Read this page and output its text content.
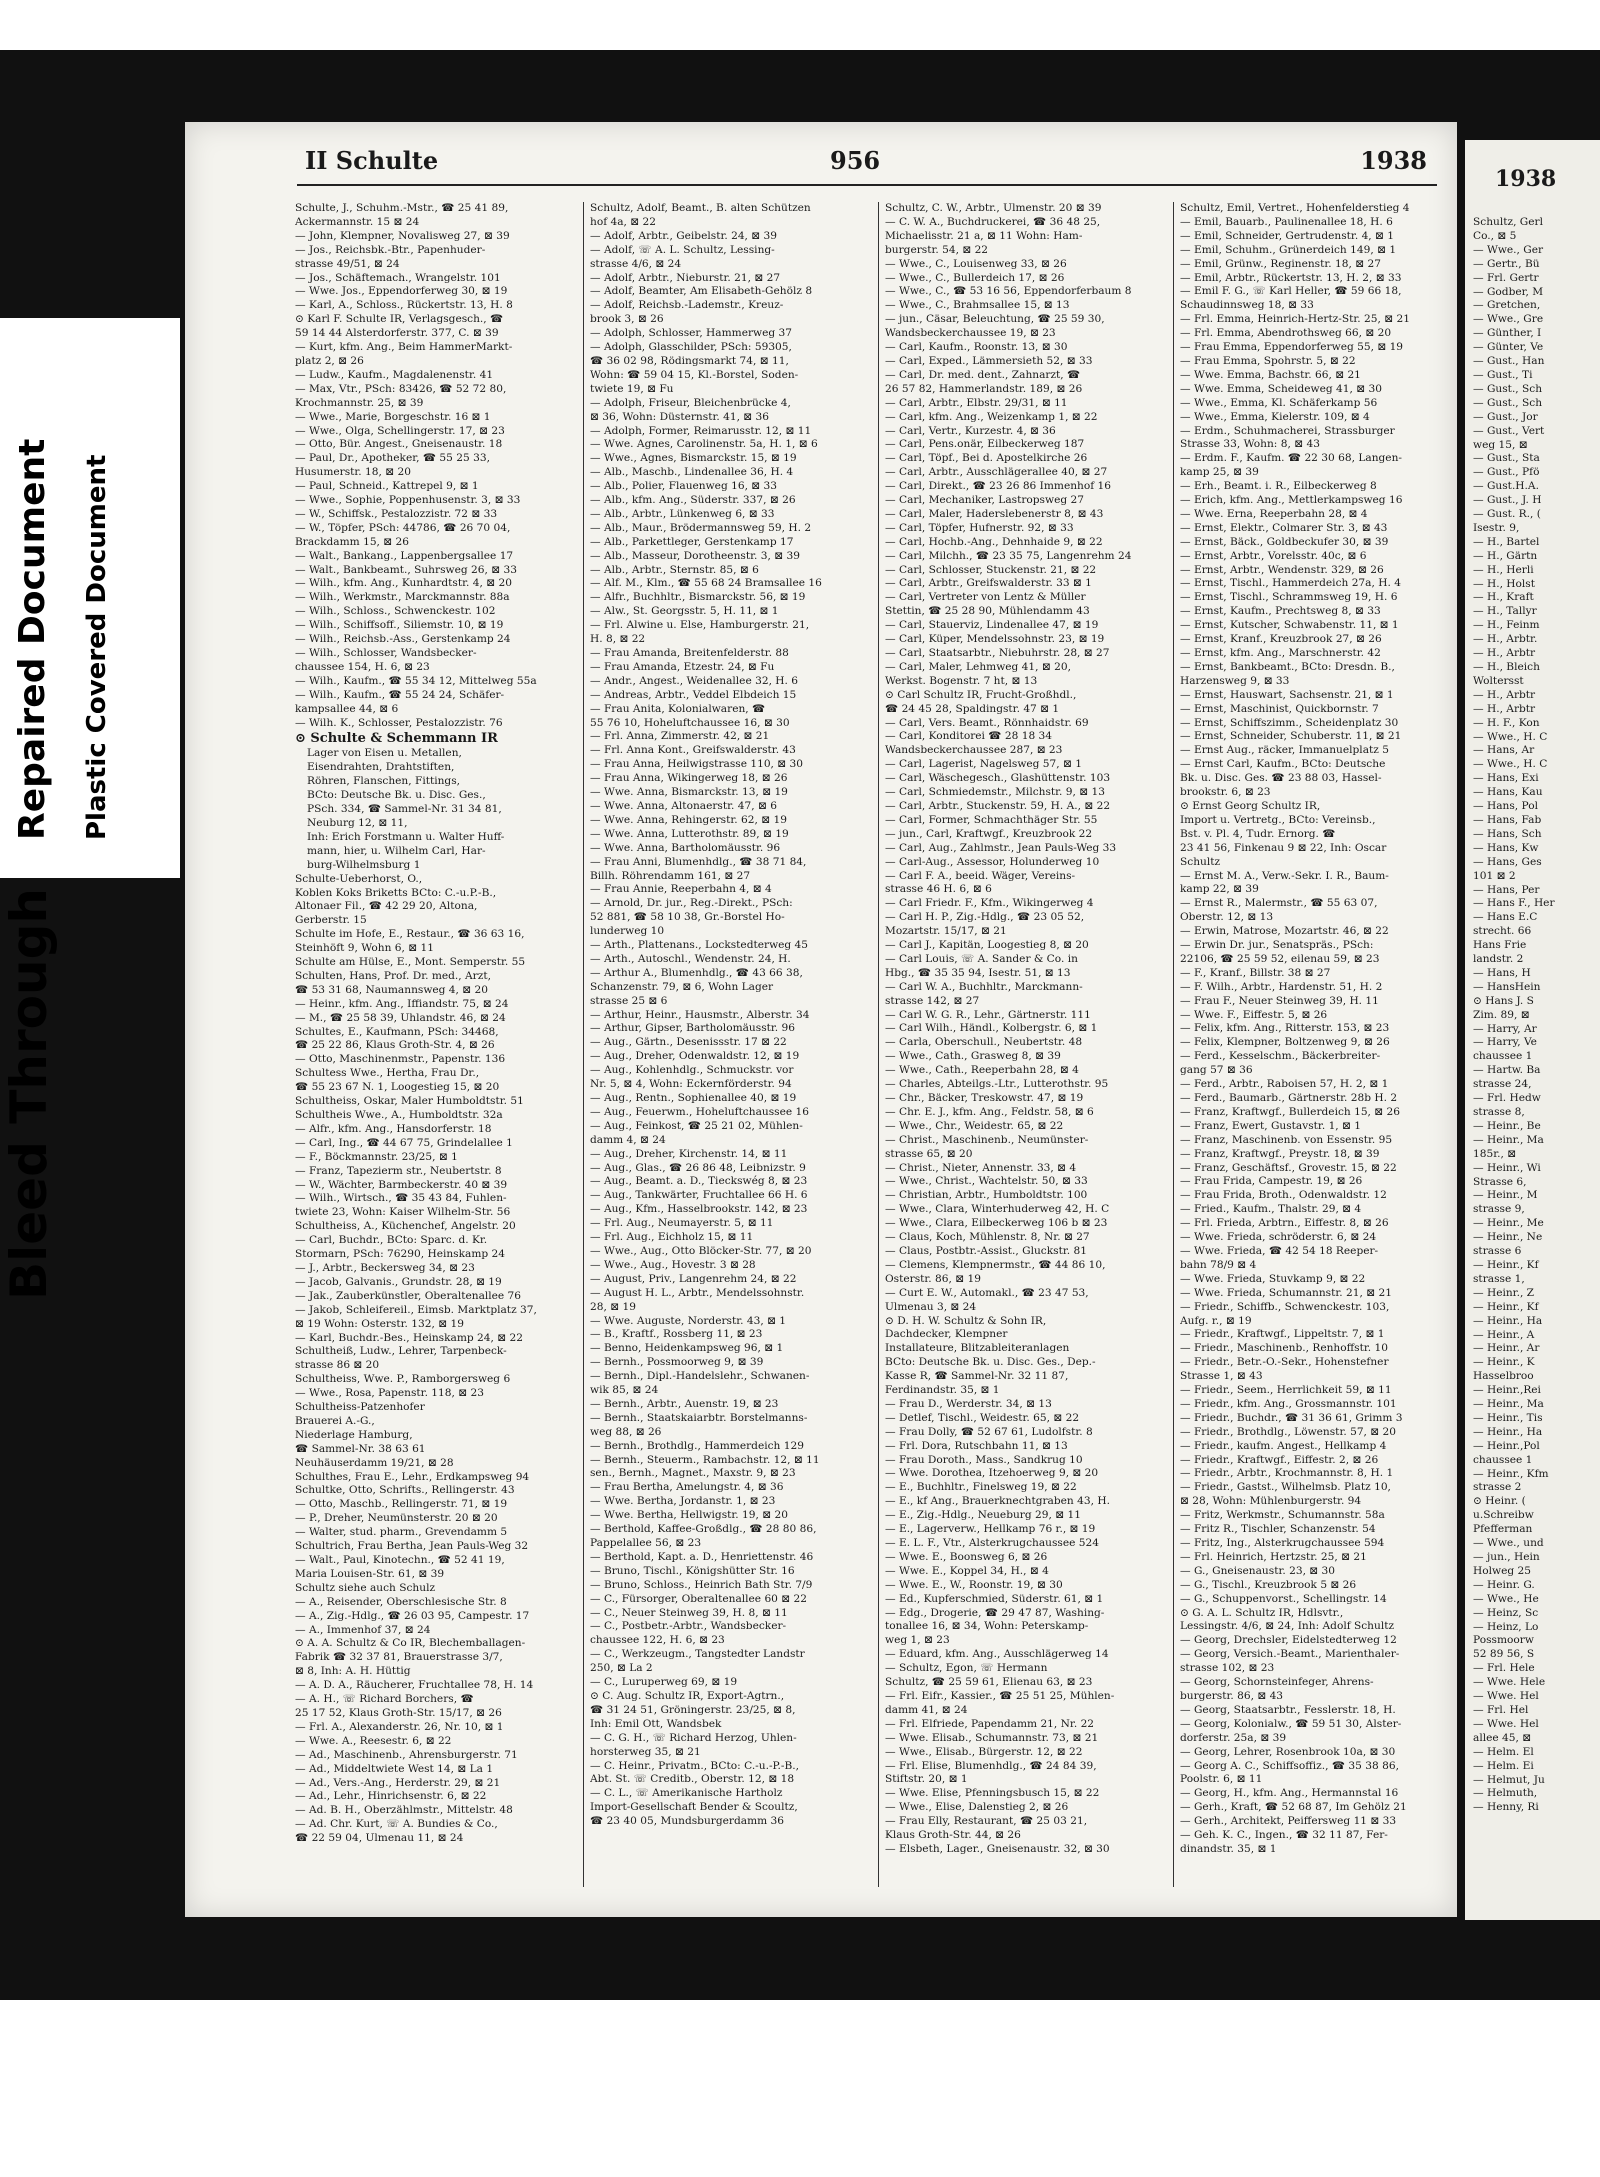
Bleed Through
Repaired Document Plastic Covered Document
II Schulte	956	1938
Schulte, J., Schuhm.-Mstr., ☎ 25 41 89,
Ackermannstr. 15 ⊠ 24
— John, Klempner, Novalisweg 27, ⊠ 39
— Jos., Reichsbk.-Btr., Papenhuder-
strasse 49/51, ⊠ 24
— Jos., Schäftemach., Wrangelstr. 101
— Wwe. Jos., Eppendorferweg 30, ⊠ 19
— Karl, A., Schloss., Rückertstr. 13, H. 8
⊙ Karl F. Schulte IR, Verlagsgesch., ☎
59 14 44 Alsterdorferstr. 377, C. ⊠ 39
— Kurt, kfm. Ang., Beim HammerMarkt-
platz 2, ⊠ 26
— Ludw., Kaufm., Magdalenenstr. 41
— Max, Vtr., PSch: 83426, ☎ 52 72 80,
Krochmannstr. 25, ⊠ 39
— Wwe., Marie, Borgeschstr. 16 ⊠ 1
— Wwe., Olga, Schellingerstr. 17, ⊠ 23
— Otto, Bür. Angest., Gneisenaustr. 18
— Paul, Dr., Apotheker, ☎ 55 25 33,
Husumerstr. 18, ⊠ 20
— Paul, Schneid., Kattrepel 9, ⊠ 1
— Wwe., Sophie, Poppenhusenstr. 3, ⊠ 33
— W., Schiffsk., Pestalozzistr. 72 ⊠ 33
— W., Töpfer, PSch: 44786, ☎ 26 70 04,
Brackdamm 15, ⊠ 26
— Walt., Bankang., Lappenbergsallee 17
— Walt., Bankbeamt., Suhrsweg 26, ⊠ 33
— Wilh., kfm. Ang., Kunhardtstr. 4, ⊠ 20
— Wilh., Werkmstr., Marckmannstr. 88a
— Wilh., Schloss., Schwenckestr. 102
— Wilh., Schiffsoff., Siliemstr. 10, ⊠ 19
— Wilh., Reichsb.-Ass., Gerstenkamp 24
— Wilh., Schlosser, Wandsbecker-
chaussee 154, H. 6, ⊠ 23
— Wilh., Kaufm., ☎ 55 34 12, Mittelweg 55a
— Wilh., Kaufm., ☎ 55 24 24, Schäfer-
kampsallee 44, ⊠ 6
— Wilh. K., Schlosser, Pestalozzistr. 76
⊙ Schulte & Schemmann IR
Lager von Eisen u. Metallen,
Eisendrahten, Drahtstiften,
Röhren, Flanschen, Fittings,
BCto: Deutsche Bk. u. Disc. Ges.,
PSch. 334, ☎ Sammel-Nr. 31 34 81,
Neuburg 12, ⊠ 11,
Inh: Erich Forstmann u. Walter Huff-
mann, hier, u. Wilhelm Carl, Har-
burg-Wilhelmsburg 1
Schulte-Ueberhorst, O.,
Koblen Koks Briketts BCto: C.-u.P.-B.,
Altonaer Fil., ☎ 42 29 20, Altona,
Gerberstr. 15
Schulte im Hofe, E., Restaur., ☎ 36 63 16,
Steinhöft 9, Wohn 6, ⊠ 11
Schulte am Hülse, E., Mont. Semperstr. 55
Schulten, Hans, Prof. Dr. med., Arzt,
☎ 53 31 68, Naumannsweg 4, ⊠ 20
— Heinr., kfm. Ang., Iffiandstr. 75, ⊠ 24
— M., ☎ 25 58 39, Uhlandstr. 46, ⊠ 24
Schultes, E., Kaufmann, PSch: 34468,
☎ 25 22 86, Klaus Groth-Str. 4, ⊠ 26
— Otto, Maschinenmstr., Papenstr. 136
Schultess Wwe., Hertha, Frau Dr.,
☎ 55 23 67 N. 1, Loogestieg 15, ⊠ 20
Schultheiss, Oskar, Maler Humboldtstr. 51
Schultheis Wwe., A., Humboldtstr. 32a
— Alfr., kfm. Ang., Hansdorferstr. 18
— Carl, Ing., ☎ 44 67 75, Grindelallee 1
— F., Böckmannstr. 23/25, ⊠ 1
— Franz, Tapezierm str., Neubertstr. 8
— W., Wächter, Barmbeckerstr. 40 ⊠ 39
— Wilh., Wirtsch., ☎ 35 43 84, Fuhlen-
twiete 23, Wohn: Kaiser Wilhelm-Str. 56
Schultheiss, A., Küchenchef, Angelstr. 20
— Carl, Buchdr., BCto: Sparc. d. Kr.
Stormarn, PSch: 76290, Heinskamp 24
— J., Arbtr., Beckersweg 34, ⊠ 23
— Jacob, Galvanis., Grundstr. 28, ⊠ 19
— Jak., Zauberkünstler, Oberaltenallee 76
— Jakob, Schleifereil., Eimsb. Marktplatz 37,
⊠ 19 Wohn: Osterstr. 132, ⊠ 19
— Karl, Buchdr.-Bes., Heinskamp 24, ⊠ 22
Schultheiß, Ludw., Lehrer, Tarpenbeck-
strasse 86 ⊠ 20
Schultheiss, Wwe. P., Ramborgersweg 6
— Wwe., Rosa, Papenstr. 118, ⊠ 23
Schultheiss-Patzenhofer
Brauerei A.-G.,
Niederlage Hamburg,
☎ Sammel-Nr. 38 63 61
Neuhäuserdamm 19/21, ⊠ 28
Schulthes, Frau E., Lehr., Erdkampsweg 94
Schultke, Otto, Schrifts., Rellingerstr. 43
— Otto, Maschb., Rellingerstr. 71, ⊠ 19
— P., Dreher, Neumünsterstr. 20 ⊠ 20
— Walter, stud. pharm., Grevendamm 5
Schultrich, Frau Bertha, Jean Pauls-Weg 32
— Walt., Paul, Kinotechn., ☎ 52 41 19,
Maria Louisen-Str. 61, ⊠ 39
Schultz siehe auch Schulz
— A., Reisender, Oberschlesische Str. 8
— A., Zig.-Hdlg., ☎ 26 03 95, Campestr. 17
— A., Immenhof 37, ⊠ 24
⊙ A. A. Schultz & Co IR, Blechemballagen-
Fabrik ☎ 32 37 81, Brauerstrasse 3/7,
⊠ 8, Inh: A. H. Hüttig
— A. D. A., Räucherer, Fruchtallee 78, H. 14
— A. H., ☏ Richard Borchers, ☎
25 17 52, Klaus Groth-Str. 15/17, ⊠ 26
— Frl. A., Alexanderstr. 26, Nr. 10, ⊠ 1
— Wwe. A., Reesestr. 6, ⊠ 22
— Ad., Maschinenb., Ahrensburgerstr. 71
— Ad., Middeltwiete West 14, ⊠ La 1
— Ad., Vers.-Ang., Herderstr. 29, ⊠ 21
— Ad., Lehr., Hinrichsenstr. 6, ⊠ 22
— Ad. B. H., Oberzählmstr., Mittelstr. 48
— Ad. Chr. Kurt, ☏ A. Bundies & Co.,
☎ 22 59 04, Ulmenau 11, ⊠ 24
Schultz, Adolf, Beamt., B. alten Schützen
hof 4a, ⊠ 22
— Adolf, Arbtr., Geibelstr. 24, ⊠ 39
— Adolf, ☏ A. L. Schultz, Lessing-
strasse 4/6, ⊠ 24
— Adolf, Arbtr., Nieburstr. 21, ⊠ 27
— Adolf, Beamter, Am Elisabeth-Gehölz 8
— Adolf, Reichsb.-Lademstr., Kreuz-
brook 3, ⊠ 26
— Adolph, Schlosser, Hammerweg 37
— Adolph, Glasschilder, PSch: 59305,
☎ 36 02 98, Rödingsmarkt 74, ⊠ 11,
Wohn: ☎ 59 04 15, Kl.-Borstel, Soden-
twiete 19, ⊠ Fu
— Adolph, Friseur, Bleichenbrücke 4,
⊠ 36, Wohn: Düsternstr. 41, ⊠ 36
— Adolph, Former, Reimarusstr. 12, ⊠ 11
— Wwe. Agnes, Carolinenstr. 5a, H. 1, ⊠ 6
— Wwe., Agnes, Bismarckstr. 15, ⊠ 19
— Alb., Maschb., Lindenallee 36, H. 4
— Alb., Polier, Flauenweg 16, ⊠ 33
— Alb., kfm. Ang., Süderstr. 337, ⊠ 26
— Alb., Arbtr., Lünkenweg 6, ⊠ 33
— Alb., Maur., Brödermannsweg 59, H. 2
— Alb., Parkettleger, Gerstenkamp 17
— Alb., Masseur, Dorotheenstr. 3, ⊠ 39
— Alb., Arbtr., Sternstr. 85, ⊠ 6
— Alf. M., Klm., ☎ 55 68 24 Bramsallee 16
— Alfr., Buchhltr., Bismarckstr. 56, ⊠ 19
— Alw., St. Georgsstr. 5, H. 11, ⊠ 1
— Frl. Alwine u. Else, Hamburgerstr. 21,
H. 8, ⊠ 22
— Frau Amanda, Breitenfelderstr. 88
— Frau Amanda, Etzestr. 24, ⊠ Fu
— Andr., Angest., Weidenallee 32, H. 6
— Andreas, Arbtr., Veddel Elbdeich 15
— Frau Anita, Kolonialwaren, ☎
55 76 10, Hoheluftchaussee 16, ⊠ 30
— Frl. Anna, Zimmerstr. 42, ⊠ 21
— Frl. Anna Kont., Greifswalderstr. 43
— Frau Anna, Heilwigstrasse 110, ⊠ 30
— Frau Anna, Wikingerweg 18, ⊠ 26
— Wwe. Anna, Bismarckstr. 13, ⊠ 19
— Wwe. Anna, Altonaerstr. 47, ⊠ 6
— Wwe. Anna, Rehingerstr. 62, ⊠ 19
— Wwe. Anna, Lutterothstr. 89, ⊠ 19
— Wwe. Anna, Bartholomäusstr. 96
— Frau Anni, Blumenhdlg., ☎ 38 71 84,
Billh. Röhrendamm 161, ⊠ 27
— Frau Annie, Reeperbahn 4, ⊠ 4
— Arnold, Dr. jur., Reg.-Direkt., PSch:
52 881, ☎ 58 10 38, Gr.-Borstel Ho-
lunderweg 10
— Arth., Plattenans., Lockstedterweg 45
— Arth., Autoschl., Wendenstr. 24, H.
— Arthur A., Blumenhdlg., ☎ 43 66 38,
Schanzenstr. 79, ⊠ 6, Wohn Lager
strasse 25 ⊠ 6
— Arthur, Heinr., Hausmstr., Alberstr. 34
— Arthur, Gipser, Bartholomäusstr. 96
— Aug., Gärtn., Desenissstr. 17 ⊠ 22
— Aug., Dreher, Odenwaldstr. 12, ⊠ 19
— Aug., Kohlenhdlg., Schmuckstr. vor
Nr. 5, ⊠ 4, Wohn: Eckernförderstr. 94
— Aug., Rentn., Sophienallee 40, ⊠ 19
— Aug., Feuerwm., Hoheluftchaussee 16
— Aug., Feinkost, ☎ 25 21 02, Mühlen-
damm 4, ⊠ 24
— Aug., Dreher, Kirchenstr. 14, ⊠ 11
— Aug., Glas., ☎ 26 86 48, Leibnizstr. 9
— Aug., Beamt. a. D., Tieckswég 8, ⊠ 23
— Aug., Tankwärter, Fruchtallee 66 H. 6
— Aug., Kfm., Hasselbrookstr. 142, ⊠ 23
— Frl. Aug., Neumayerstr. 5, ⊠ 11
— Frl. Aug., Eichholz 15, ⊠ 11
— Wwe., Aug., Otto Blöcker-Str. 77, ⊠ 20
— Wwe., Aug., Hovestr. 3 ⊠ 28
— August, Priv., Langenrehm 24, ⊠ 22
— August H. L., Arbtr., Mendelssohnstr.
28, ⊠ 19
— Wwe. Auguste, Norderstr. 43, ⊠ 1
— B., Kraftf., Rossberg 11, ⊠ 23
— Benno, Heidenkampsweg 96, ⊠ 1
— Bernh., Possmoorweg 9, ⊠ 39
— Bernh., Dipl.-Handelslehr., Schwanen-
wik 85, ⊠ 24
— Bernh., Arbtr., Auenstr. 19, ⊠ 23
— Bernh., Staatskaiarbtr. Borstelmanns-
weg 88, ⊠ 26
— Bernh., Brothdlg., Hammerdeich 129
— Bernh., Steuerm., Rambachstr. 12, ⊠ 11
sen., Bernh., Magnet., Maxstr. 9, ⊠ 23
— Frau Bertha, Amelungstr. 4, ⊠ 36
— Wwe. Bertha, Jordanstr. 1, ⊠ 23
— Wwe. Bertha, Hellwigstr. 19, ⊠ 20
— Berthold, Kaffee-Großdlg., ☎ 28 80 86,
Pappelallee 56, ⊠ 23
— Berthold, Kapt. a. D., Henriettenstr. 46
— Bruno, Tischl., Königshütter Str. 16
— Bruno, Schloss., Heinrich Bath Str. 7/9
— C., Fürsorger, Oberaltenallee 60 ⊠ 22
— C., Neuer Steinweg 39, H. 8, ⊠ 11
— C., Postbetr.-Arbtr., Wandsbecker-
chaussee 122, H. 6, ⊠ 23
— C., Werkzeugm., Tangstedter Landstr
250, ⊠ La 2
— C., Luruperweg 69, ⊠ 19
⊙ C. Aug. Schultz IR, Export-Agtrn.,
☎ 31 24 51, Gröningerstr. 23/25, ⊠ 8,
Inh: Emil Ott, Wandsbek
— C. G. H., ☏ Richard Herzog, Uhlen-
horsterweg 35, ⊠ 21
— C. Heinr., Privatm., BCto: C.-u.-P.-B.,
Abt. St. ☏ Creditb., Oberstr. 12, ⊠ 18
— C. L., ☏ Amerikanische Hartholz
Import-Gesellschaft Bender & Scoultz,
☎ 23 40 05, Mundsburgerdamm 36
Schultz, C. W., Arbtr., Ulmenstr. 20 ⊠ 39
— C. W. A., Buchdruckerei, ☎ 36 48 25,
Michaelisstr. 21 a, ⊠ 11 Wohn: Ham-
burgerstr. 54, ⊠ 22
— Wwe., C., Louisenweg 33, ⊠ 26
— Wwe., C., Bullerdeich 17, ⊠ 26
— Wwe., C., ☎ 53 16 56, Eppendorferbaum 8
— Wwe., C., Brahmsallee 15, ⊠ 13
— jun., Cäsar, Beleuchtung, ☎ 25 59 30,
Wandsbeckerchaussee 19, ⊠ 23
— Carl, Kaufm., Roonstr. 13, ⊠ 30
— Carl, Exped., Lämmersieth 52, ⊠ 33
— Carl, Dr. med. dent., Zahnarzt, ☎
26 57 82, Hammerlandstr. 189, ⊠ 26
— Carl, Arbtr., Elbstr. 29/31, ⊠ 11
— Carl, kfm. Ang., Weizenkamp 1, ⊠ 22
— Carl, Vertr., Kurzestr. 4, ⊠ 36
— Carl, Pens.onär, Eilbeckerweg 187
— Carl, Töpf., Bei d. Apostelkirche 26
— Carl, Arbtr., Ausschlägerallee 40, ⊠ 27
— Carl, Direkt., ☎ 23 26 86 Immenhof 16
— Carl, Mechaniker, Lastropsweg 27
— Carl, Maler, Haderslebenerstr 8, ⊠ 43
— Carl, Töpfer, Hufnerstr. 92, ⊠ 33
— Carl, Hochb.-Ang., Dehnhaide 9, ⊠ 22
— Carl, Milchh., ☎ 23 35 75, Langenrehm 24
— Carl, Schlosser, Stuckenstr. 21, ⊠ 22
— Carl, Arbtr., Greifswalderstr. 33 ⊠ 1
— Carl, Vertreter von Lentz & Müller
Stettin, ☎ 25 28 90, Mühlendamm 43
— Carl, Stauerviz, Lindenallee 47, ⊠ 19
— Carl, Küper, Mendelssohnstr. 23, ⊠ 19
— Carl, Staatsarbtr., Niebuhrstr. 28, ⊠ 27
— Carl, Maler, Lehmweg 41, ⊠ 20,
Werkst. Bogenstr. 7 ht, ⊠ 13
⊙ Carl Schultz IR, Frucht-Großhdl.,
☎ 24 45 28, Spaldingstr. 47 ⊠ 1
— Carl, Vers. Beamt., Rönnhaidstr. 69
— Carl, Konditorei ☎ 28 18 34
Wandsbeckerchaussee 287, ⊠ 23
— Carl, Lagerist, Nagelsweg 57, ⊠ 1
— Carl, Wäschegesch., Glashüttenstr. 103
— Carl, Schmiedemstr., Milchstr. 9, ⊠ 13
— Carl, Arbtr., Stuckenstr. 59, H. A., ⊠ 22
— Carl, Former, Schmachthäger Str. 55
— jun., Carl, Kraftwgf., Kreuzbrook 22
— Carl, Aug., Zahlmstr., Jean Pauls-Weg 33
— Carl-Aug., Assessor, Holunderweg 10
— Carl F. A., beeid. Wäger, Vereins-
strasse 46 H. 6, ⊠ 6
— Carl Friedr. F., Kfm., Wikingerweg 4
— Carl H. P., Zig.-Hdlg., ☎ 23 05 52,
Mozartstr. 15/17, ⊠ 21
— Carl J., Kapitän, Loogestieg 8, ⊠ 20
— Carl Louis, ☏ A. Sander & Co. in
Hbg., ☎ 35 35 94, Isestr. 51, ⊠ 13
— Carl W. A., Buchhltr., Marckmann-
strasse 142, ⊠ 27
— Carl W. G. R., Lehr., Gärtnerstr. 111
— Carl Wilh., Händl., Kolbergstr. 6, ⊠ 1
— Carla, Oberschull., Neubertstr. 48
— Wwe., Cath., Grasweg 8, ⊠ 39
— Wwe., Cath., Reeperbahn 28, ⊠ 4
— Charles, Abteilgs.-Ltr., Lutterothstr. 95
— Chr., Bäcker, Treskowstr. 47, ⊠ 19
— Chr. E. J., kfm. Ang., Feldstr. 58, ⊠ 6
— Wwe., Chr., Weidestr. 65, ⊠ 22
— Christ., Maschinenb., Neumünster-
strasse 65, ⊠ 20
— Christ., Nieter, Annenstr. 33, ⊠ 4
— Wwe., Christ., Wachtelstr. 50, ⊠ 33
— Christian, Arbtr., Humboldtstr. 100
— Wwe., Clara, Winterhuderweg 42, H. C
— Wwe., Clara, Eilbeckerweg 106 b ⊠ 23
— Claus, Koch, Mühlenstr. 8, Nr. ⊠ 27
— Claus, Postbtr.-Assist., Gluckstr. 81
— Clemens, Klempnermstr., ☎ 44 86 10,
Osterstr. 86, ⊠ 19
— Curt E. W., Automakl., ☎ 23 47 53,
Ulmenau 3, ⊠ 24
⊙ D. H. W. Schultz & Sohn IR,
Dachdecker, Klempner
Installateure, Blitzableiteranlagen
BCto: Deutsche Bk. u. Disc. Ges., Dep.-
Kasse R, ☎ Sammel-Nr. 32 11 87,
Ferdinandstr. 35, ⊠ 1
— Frau D., Werderstr. 34, ⊠ 13
— Detlef, Tischl., Weidestr. 65, ⊠ 22
— Frau Dolly, ☎ 52 67 61, Ludolfstr. 8
— Frl. Dora, Rutschbahn 11, ⊠ 13
— Frau Doroth., Mass., Sandkrug 10
— Wwe. Dorothea, Itzehoerweg 9, ⊠ 20
— E., Buchhltr., Finelsweg 19, ⊠ 22
— E., kf Ang., Brauerknechtgraben 43, H.
— E., Zig.-Hdlg., Neueburg 29, ⊠ 11
— E., Lagerverw., Hellkamp 76 r., ⊠ 19
— E. L. F., Vtr., Alsterkrugchaussee 524
— Wwe. E., Boonsweg 6, ⊠ 26
— Wwe. E., Koppel 34, H., ⊠ 4
— Wwe. E., W., Roonstr. 19, ⊠ 30
— Ed., Kupferschmied, Süderstr. 61, ⊠ 1
— Edg., Drogerie, ☎ 29 47 87, Washing-
tonallee 16, ⊠ 34, Wohn: Peterskamp-
weg 1, ⊠ 23
— Eduard, kfm. Ang., Ausschlägerweg 14
— Schultz, Egon, ☏ Hermann
Schultz, ☎ 25 59 61, Elienau 63, ⊠ 23
— Frl. Eifr., Kassier., ☎ 25 51 25, Mühlen-
damm 41, ⊠ 24
— Frl. Elfriede, Papendamm 21, Nr. 22
— Wwe. Elisab., Schumannstr. 73, ⊠ 21
— Wwe., Elisab., Bürgerstr. 12, ⊠ 22
— Frl. Elise, Blumenhdlg., ☎ 24 84 39,
Stiftstr. 20, ⊠ 1
— Wwe. Elise, Pfenningsbusch 15, ⊠ 22
— Wwe., Elise, Dalenstieg 2, ⊠ 26
— Frau Elly, Restaurant, ☎ 25 03 21,
Klaus Groth-Str. 44, ⊠ 26
— Elsbeth, Lager., Gneisenaustr. 32, ⊠ 30
Schultz, Emil, Vertret., Hohenfelderstieg 4
— Emil, Bauarb., Paulinenallee 18, H. 6
— Emil, Schneider, Gertrudenstr. 4, ⊠ 1
— Emil, Schuhm., Grünerdeich 149, ⊠ 1
— Emil, Grünw., Reginenstr. 18, ⊠ 27
— Emil, Arbtr., Rückertstr. 13, H. 2, ⊠ 33
— Emil F. G., ☏ Karl Heller, ☎ 59 66 18,
Schaudinnsweg 18, ⊠ 33
— Frl. Emma, Heinrich-Hertz-Str. 25, ⊠ 21
— Frl. Emma, Abendrothsweg 66, ⊠ 20
— Frau Emma, Eppendorferweg 55, ⊠ 19
— Frau Emma, Spohrstr. 5, ⊠ 22
— Wwe. Emma, Bachstr. 66, ⊠ 21
— Wwe. Emma, Scheideweg 41, ⊠ 30
— Wwe., Emma, Kl. Schäferkamp 56
— Wwe., Emma, Kielerstr. 109, ⊠ 4
— Erdm., Schuhmacherei, Strassburger
Strasse 33, Wohn: 8, ⊠ 43
— Erdm. F., Kaufm. ☎ 22 30 68, Langen-
kamp 25, ⊠ 39
— Erh., Beamt. i. R., Eilbeckerweg 8
— Erich, kfm. Ang., Mettlerkampsweg 16
— Wwe. Erna, Reeperbahn 28, ⊠ 4
— Ernst, Elektr., Colmarer Str. 3, ⊠ 43
— Ernst, Bäck., Goldbeckufer 30, ⊠ 39
— Ernst, Arbtr., Vorelsstr. 40c, ⊠ 6
— Ernst, Arbtr., Wendenstr. 329, ⊠ 26
— Ernst, Tischl., Hammerdeich 27a, H. 4
— Ernst, Tischl., Schrammsweg 19, H. 6
— Ernst, Kaufm., Prechtsweg 8, ⊠ 33
— Ernst, Kutscher, Schwabenstr. 11, ⊠ 1
— Ernst, Kranf., Kreuzbrook 27, ⊠ 26
— Ernst, kfm. Ang., Marschnerstr. 42
— Ernst, Bankbeamt., BCto: Dresdn. B.,
Harzensweg 9, ⊠ 33
— Ernst, Hauswart, Sachsenstr. 21, ⊠ 1
— Ernst, Maschinist, Quickbornstr. 7
— Ernst, Schiffszimm., Scheidenplatz 30
— Ernst, Schneider, Schuberstr. 11, ⊠ 21
— Ernst Aug., räcker, Immanuelplatz 5
— Ernst Carl, Kaufm., BCto: Deutsche
Bk. u. Disc. Ges. ☎ 23 88 03, Hassel-
brookstr. 6, ⊠ 23
⊙ Ernst Georg Schultz IR,
Import u. Vertretg., BCto: Vereinsb.,
Bst. v. Pl. 4, Tudr. Ernorg. ☎
23 41 56, Finkenau 9 ⊠ 22, Inh: Oscar
Schultz
— Ernst M. A., Verw.-Sekr. I. R., Baum-
kamp 22, ⊠ 39
— Ernst R., Malermstr., ☎ 55 63 07,
Oberstr. 12, ⊠ 13
— Erwin, Matrose, Mozartstr. 46, ⊠ 22
— Erwin Dr. jur., Senatspräs., PSch:
22106, ☎ 25 59 52, eilenau 59, ⊠ 23
— F., Kranf., Billstr. 38 ⊠ 27
— F. Wilh., Arbtr., Hardenstr. 51, H. 2
— Frau F., Neuer Steinweg 39, H. 11
— Wwe. F., Eiffestr. 5, ⊠ 26
— Felix, kfm. Ang., Ritterstr. 153, ⊠ 23
— Felix, Klempner, Boltzenweg 9, ⊠ 26
— Ferd., Kesselschm., Bäckerbreiter-
gang 57 ⊠ 36
— Ferd., Arbtr., Raboisen 57, H. 2, ⊠ 1
— Ferd., Baumarb., Gärtnerstr. 28b H. 2
— Franz, Kraftwgf., Bullerdeich 15, ⊠ 26
— Franz, Ewert, Gustavstr. 1, ⊠ 1
— Franz, Maschinenb. von Essenstr. 95
— Franz, Kraftwgf., Preystr. 18, ⊠ 39
— Franz, Geschäftsf., Grovestr. 15, ⊠ 22
— Frau Frida, Campestr. 19, ⊠ 26
— Frau Frida, Broth., Odenwaldstr. 12
— Fried., Kaufm., Thalstr. 29, ⊠ 4
— Frl. Frieda, Arbtrn., Eiffestr. 8, ⊠ 26
— Wwe. Frieda, schröderstr. 6, ⊠ 24
— Wwe. Frieda, ☎ 42 54 18 Reeper-
bahn 78/9 ⊠ 4
— Wwe. Frieda, Stuvkamp 9, ⊠ 22
— Wwe. Frieda, Schumannstr. 21, ⊠ 21
— Friedr., Schiffb., Schwenckestr. 103,
Aufg. r., ⊠ 19
— Friedr., Kraftwgf., Lippeltstr. 7, ⊠ 1
— Friedr., Maschinenb., Renhoffstr. 10
— Friedr., Betr.-O.-Sekr., Hohenstefner
Strasse 1, ⊠ 43
— Friedr., Seem., Herrlichkeit 59, ⊠ 11
— Friedr., kfm. Ang., Grossmannstr. 101
— Friedr., Buchdr., ☎ 31 36 61, Grimm 3
— Friedr., Brothdlg., Löwenstr. 57, ⊠ 20
— Friedr., kaufm. Angest., Hellkamp 4
— Friedr., Kraftwgf., Eiffestr. 2, ⊠ 26
— Friedr., Arbtr., Krochmannstr. 8, H. 1
— Friedr., Gastst., Wilhelmsb. Platz 10,
⊠ 28, Wohn: Mühlenburgerstr. 94
— Fritz, Werkmstr., Schumannstr. 58a
— Fritz R., Tischler, Schanzenstr. 54
— Fritz, Ing., Alsterkrugchaussee 594
— Frl. Heinrich, Hertzstr. 25, ⊠ 21
— G., Gneisenaustr. 23, ⊠ 30
— G., Tischl., Kreuzbrook 5 ⊠ 26
— G., Schuppenvorst., Schellingstr. 14
⊙ G. A. L. Schultz IR, Hdlsvtr.,
Lessingstr. 4/6, ⊠ 24, Inh: Adolf Schultz
— Georg, Drechsler, Eidelstedterweg 12
— Georg, Versich.-Beamt., Marienthaler-
strasse 102, ⊠ 23
— Georg, Schornsteinfeger, Ahrens-
burgerstr. 86, ⊠ 43
— Georg, Staatsarbtr., Fesslerstr. 18, H.
— Georg, Kolonialw., ☎ 59 51 30, Alster-
dorferstr. 25a, ⊠ 39
— Georg, Lehrer, Rosenbrook 10a, ⊠ 30
— Georg A. C., Schiffsoffiz., ☎ 35 38 86,
Poolstr. 6, ⊠ 11
— Georg, H., kfm. Ang., Hermannstal 16
— Gerh., Kraft, ☎ 52 68 87, Im Gehölz 21
— Gerh., Architekt, Peiffersweg 11 ⊠ 33
— Geh. K. C., Ingen., ☎ 32 11 87, Fer-
dinandstr. 35, ⊠ 1
1938
Schultz, Gerl
Co., ⊠ 5
— Wwe., Ger
— Gertr., Bü
— Frl. Gertr
— Godber, M
— Gretchen,
— Wwe., Gre
— Günther, I
— Günter, Ve
— Gust., Han
— Gust., Ti
— Gust., Sch
— Gust., Sch
— Gust., Jor
— Gust., Vert
weg 15, ⊠
— Gust., Sta
— Gust., Pfö
— Gust.H.A.
— Gust., J. H
— Gust. R., (
Isestr. 9,
— H., Bartel
— H., Gärtn
— H., Herli
— H., Holst
— H., Kraft
— H., Tallyr
— H., Feinm
— H., Arbtr.
— H., Arbtr
— H., Bleich
Woltersst
— H., Arbtr
— H., Arbtr
— H. F., Kon
— Wwe., H. C
— Hans, Ar
— Wwe., H. C
— Hans, Exi
— Hans, Kau
— Hans, Pol
— Hans, Fab
— Hans, Sch
— Hans, Kw
— Hans, Ges
101 ⊠ 2
— Hans, Per
— Hans F., Her
— Hans E.C
strecht. 66
Hans Frie
landstr. 2
— Hans, H
— HansHein
⊙ Hans J. S
Zim. 89, ⊠
— Harry, Ar
— Harry, Ve
chaussee 1
— Hartw. Ba
strasse 24,
— Frl. Hedw
strasse 8,
— Heinr., Be
— Heinr., Ma
185r., ⊠
— Heinr., Wi
Strasse 6,
— Heinr., M
strasse 9,
— Heinr., Me
— Heinr., Ne
strasse 6
— Heinr., Kf
strasse 1,
— Heinr., Z
— Heinr., Kf
— Heinr., Ha
— Heinr., A
— Heinr., Ar
— Heinr., K
Hasselbroo
— Heinr.,Rei
— Heinr., Ma
— Heinr., Tis
— Heinr., Ha
— Heinr.,Pol
chaussee 1
— Heinr., Kfm
strasse 2
⊙ Heinr. (
u.Schreibw
Pfefferman
— Wwe., und
— jun., Hein
Holweg 25
— Heinr. G.
— Wwe., He
— Heinz, Sc
— Heinz, Lo
Possmoorw
52 89 56, S
— Frl. Hele
— Wwe. Hele
— Wwe. Hel
— Frl. Hel
— Wwe. Hel
allee 45, ⊠
— Helm. El
— Helm. Ei
— Helmut, Ju
— Helmuth,
— Henny, Ri
